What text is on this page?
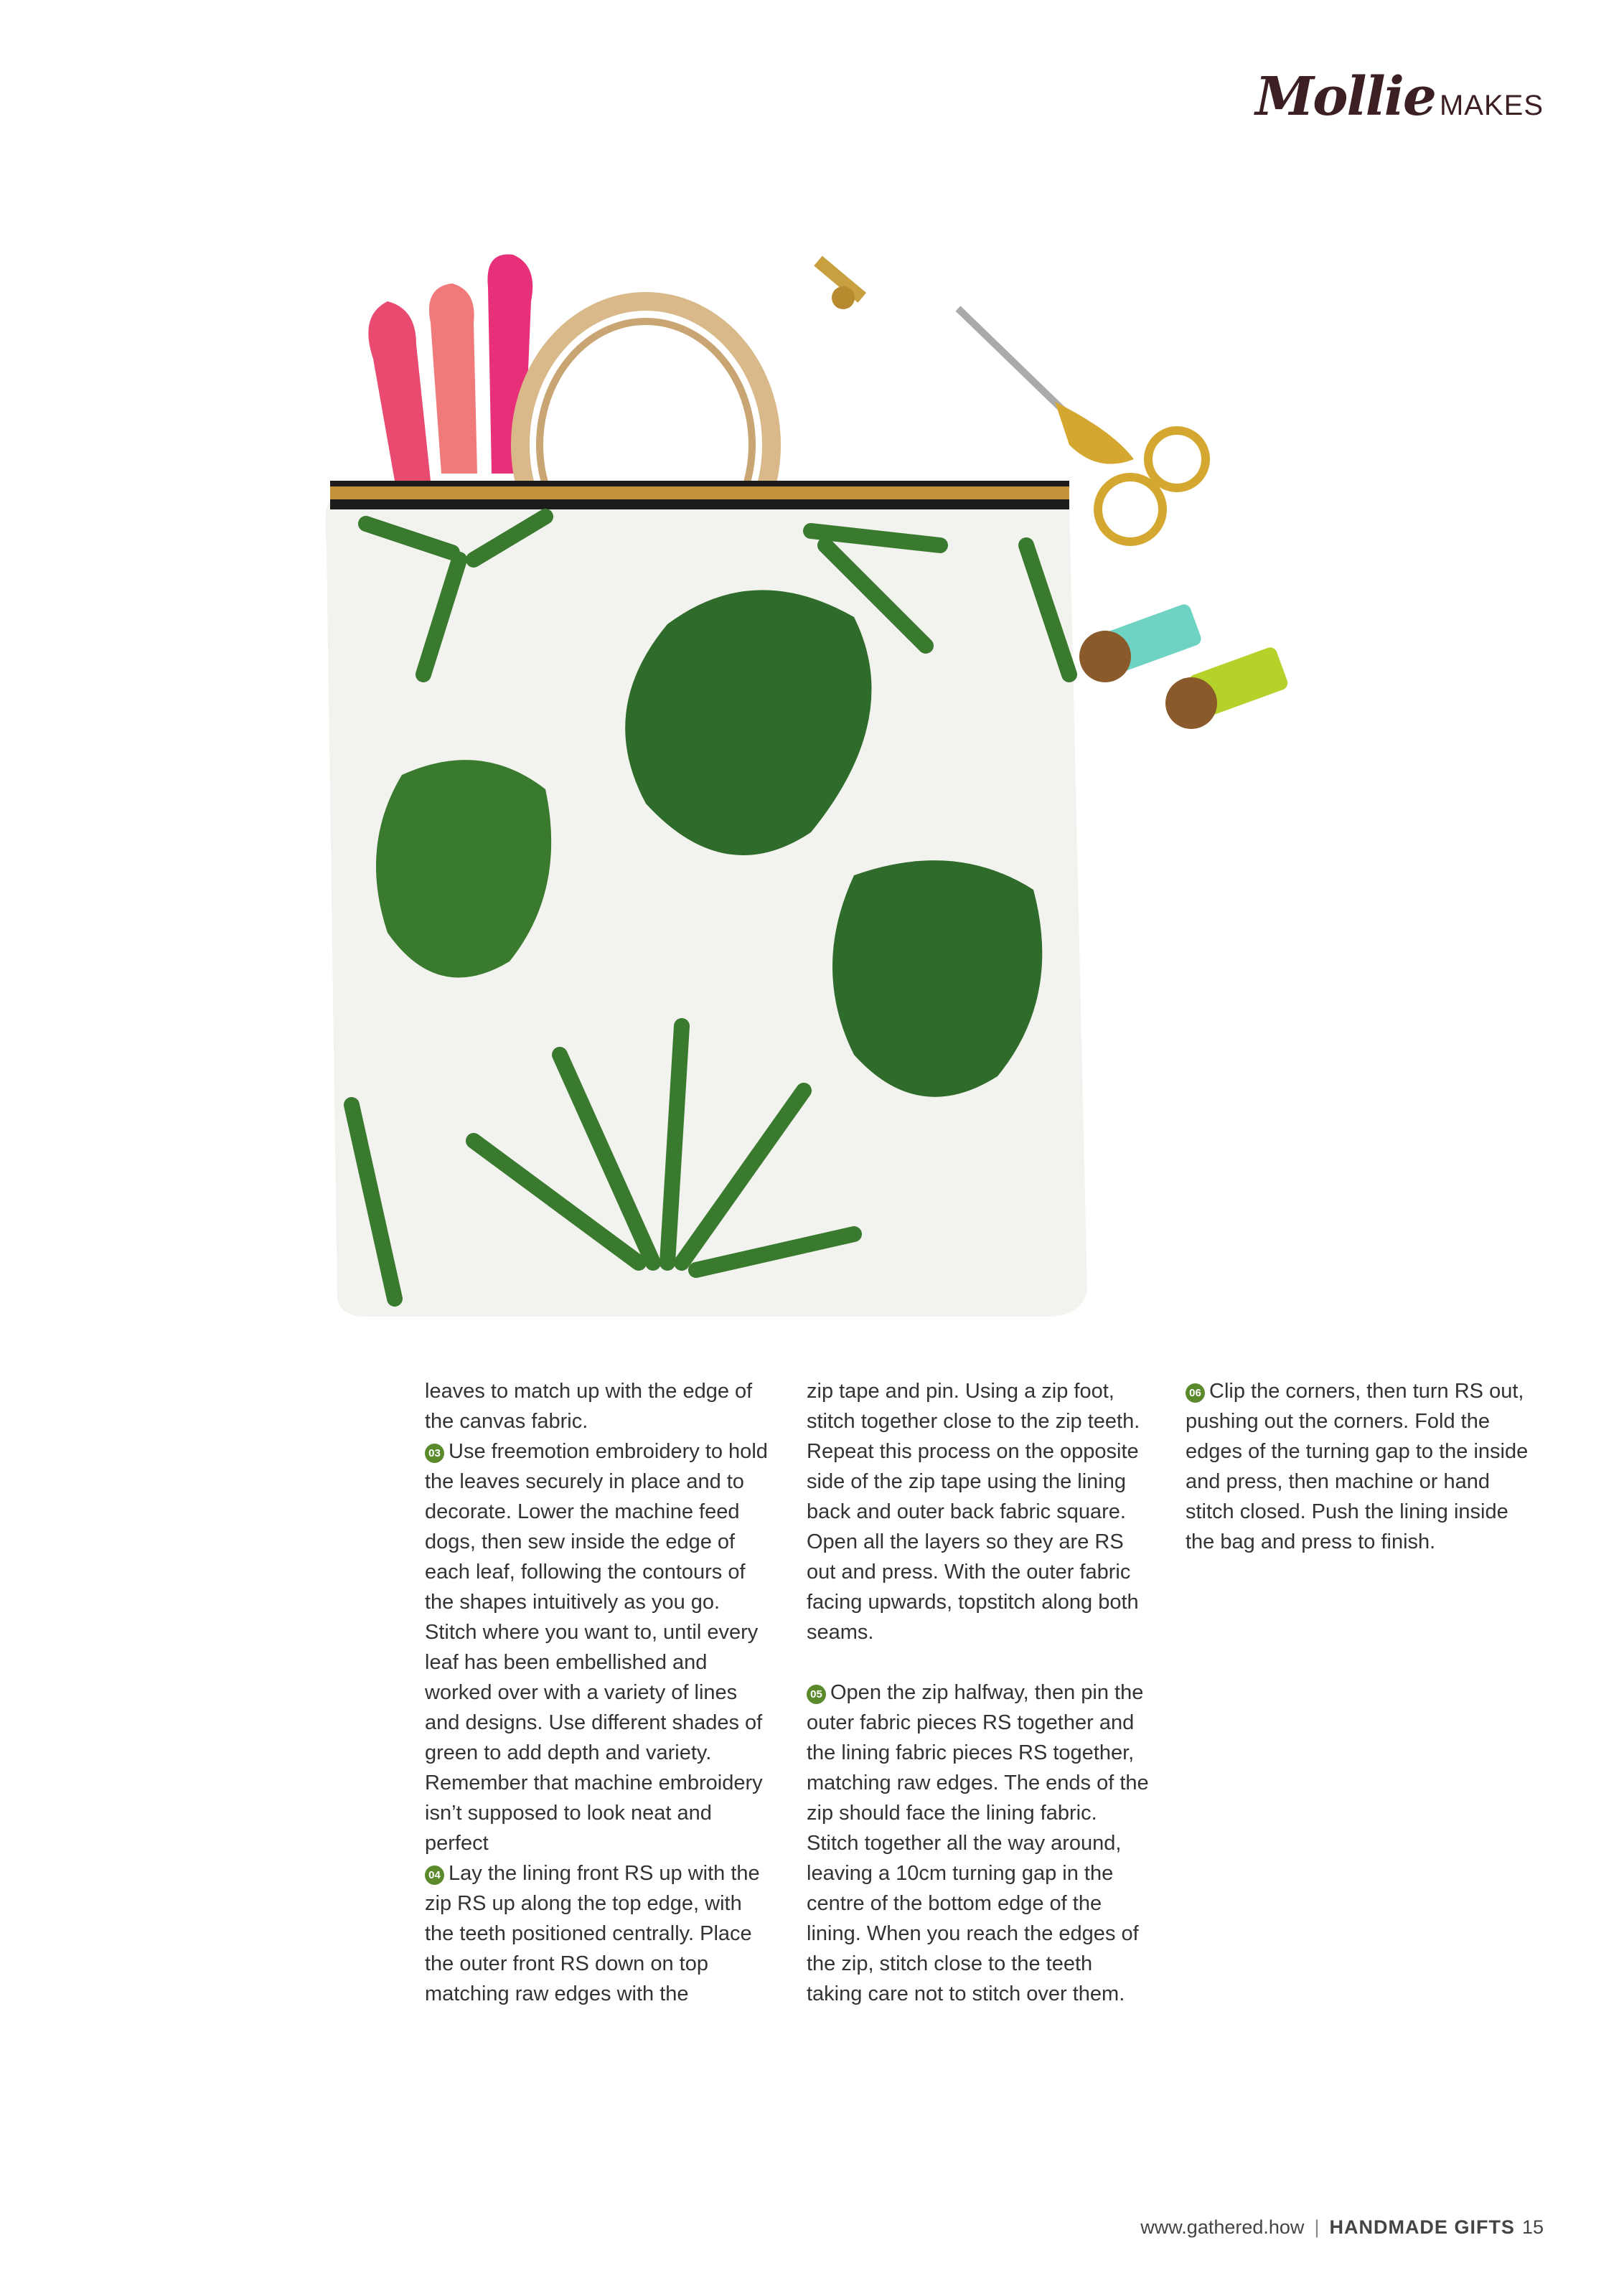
Mollie MAKES

leaves to match up with the edge of the canvas fabric.

03 Use freemotion embroidery to hold the leaves securely in place and to decorate. Lower the machine feed dogs, then sew inside the edge of each leaf, following the contours of the shapes intuitively as you go. Stitch where you want to, until every leaf has been embellished and worked over with a variety of lines and designs. Use different shades of green to add depth and variety. Remember that machine embroidery isn’t supposed to look neat and perfect

04 Lay the lining front RS up with the zip RS up along the top edge, with the teeth positioned centrally. Place the outer front RS down on top matching raw edges with the

zip tape and pin. Using a zip foot, stitch together close to the zip teeth. Repeat this process on the opposite side of the zip tape using the lining back and outer back fabric square. Open all the layers so they are RS out and press. With the outer fabric facing upwards, topstitch along both seams.

05 Open the zip halfway, then pin the outer fabric pieces RS together and the lining fabric pieces RS together, matching raw edges. The ends of the zip should face the lining fabric. Stitch together all the way around, leaving a 10cm turning gap in the centre of the bottom edge of the lining. When you reach the edges of the zip, stitch close to the teeth taking care not to stitch over them.

06 Clip the corners, then turn RS out, pushing out the corners. Fold the edges of the turning gap to the inside and press, then machine or hand stitch closed. Push the lining inside the bag and press to finish.

www.gathered.how | HANDMADE GIFTS 15
